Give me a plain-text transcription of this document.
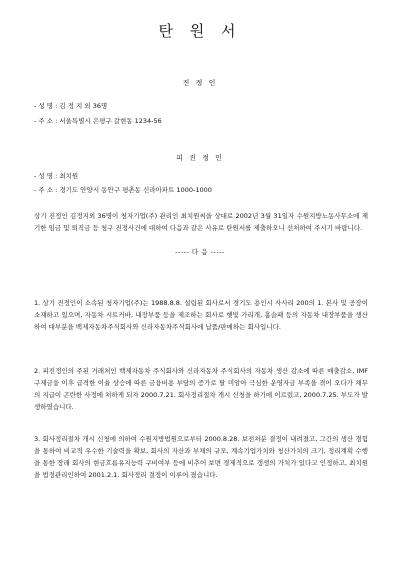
탄 원 서
진 정 인
- 성 명 : 김 정 지 외 36명
- 주 소 : 서울특별시 은평구 갈현동 1234-56
피 진 정 인
- 성 명 : 최치원
- 주 소 : 경기도 안양시 동안구 평촌동 신라아파트 1000-1000
상기 진정인 김정지외 36명이 청자기업(주) 관리인 최치원씨을 상대로 2002년 3월 31일자 수원지방노동사무소에 제기한 임금 및 퇴직금 등 청구 진정사건에 대하여 다음과 같은 사유로 탄원서를 제출하오니 선처하여 주시기 바랍니다.
----- 다 음 -----
1. 상기 진정인이 소속된 청자기업(주)는 1988.8.8. 설립된 회사로서 경기도 용인시 사사리 200의 1. 본사 및 공장이 소재하고 있으며, 자동차 시트커바, 내장부품 등을 제조하는 회사로 햇빛 가리개, 홈슬패 등의 자동차 내장부품을 생산하여 대부분을 백제자동차주식회사와 신라자동차주식회사에 납품/판매하는 회사입니다.
2. 피진정인의 주된 거래처인 백제자동차 주식회사와 신라자동차 주식회사의 자동차 생산 감소에 따른 매출감소, IMF 구제금융 이후 급격한 이율 상승에 따른 금융비용 부담의 증가로 탈 미암아 극심한 운영자금 부족을 겪어 오다가 채무의 지급이 곤란한 사정에 처하게 되자 2000.7.21. 회사정리절차 개시 신청을 하기에 이르렀고, 2000.7.25. 부도가 발생하였습니다.
3. 회사정리절차 개시 신청에 의하여 수원지방법원으로부터 2000.8.28. 보전처분 결정이 내려졌고, 그간의 생산 경험을 통하여 비교적 우수한 기술력을 확보, 회사의 자산과 부채의 규모, 계속기업가치와 청산가치의 크기, 정리계획 수행을 통한 장래 회사의 현금흐름유지능력 구비여부 등에 비추어 보면 경제적으로 갱생의 가치가 있다고 인정하고, 최치원을 법정관리인하여 2001.2.1. 회사정리 결정이 이루어 졌습니다.
